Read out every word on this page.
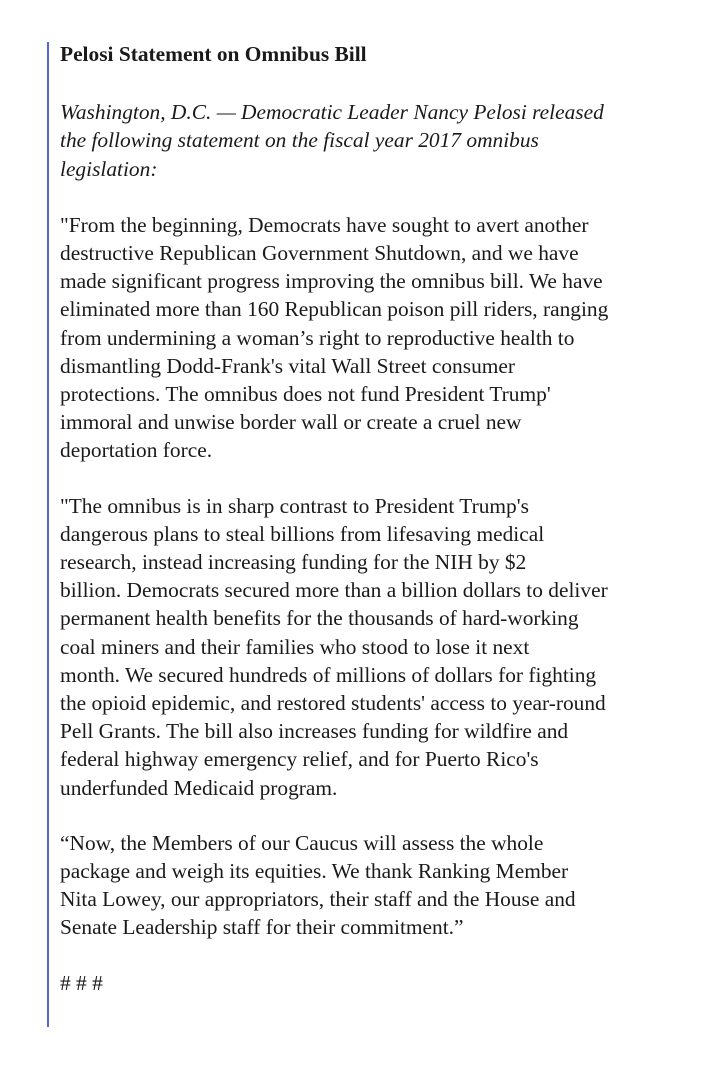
Pelosi Statement on Omnibus Bill
Washington, D.C. — Democratic Leader Nancy Pelosi released
the following statement on the fiscal year 2017 omnibus
legislation:
"From the beginning, Democrats have sought to avert another
destructive Republican Government Shutdown, and we have
made significant progress improving the omnibus bill. We have
eliminated more than 160 Republican poison pill riders, ranging
from undermining a woman’s right to reproductive health to
dismantling Dodd-Frank's vital Wall Street consumer
protections. The omnibus does not fund President Trump'
immoral and unwise border wall or create a cruel new
deportation force.
"The omnibus is in sharp contrast to President Trump's
dangerous plans to steal billions from lifesaving medical
research, instead increasing funding for the NIH by $2
billion. Democrats secured more than a billion dollars to deliver
permanent health benefits for the thousands of hard-working
coal miners and their families who stood to lose it next
month. We secured hundreds of millions of dollars for fighting
the opioid epidemic, and restored students' access to year-round
Pell Grants. The bill also increases funding for wildfire and
federal highway emergency relief, and for Puerto Rico's
underfunded Medicaid program.
“Now, the Members of our Caucus will assess the whole
package and weigh its equities. We thank Ranking Member
Nita Lowey, our appropriators, their staff and the House and
Senate Leadership staff for their commitment.”
# # #
